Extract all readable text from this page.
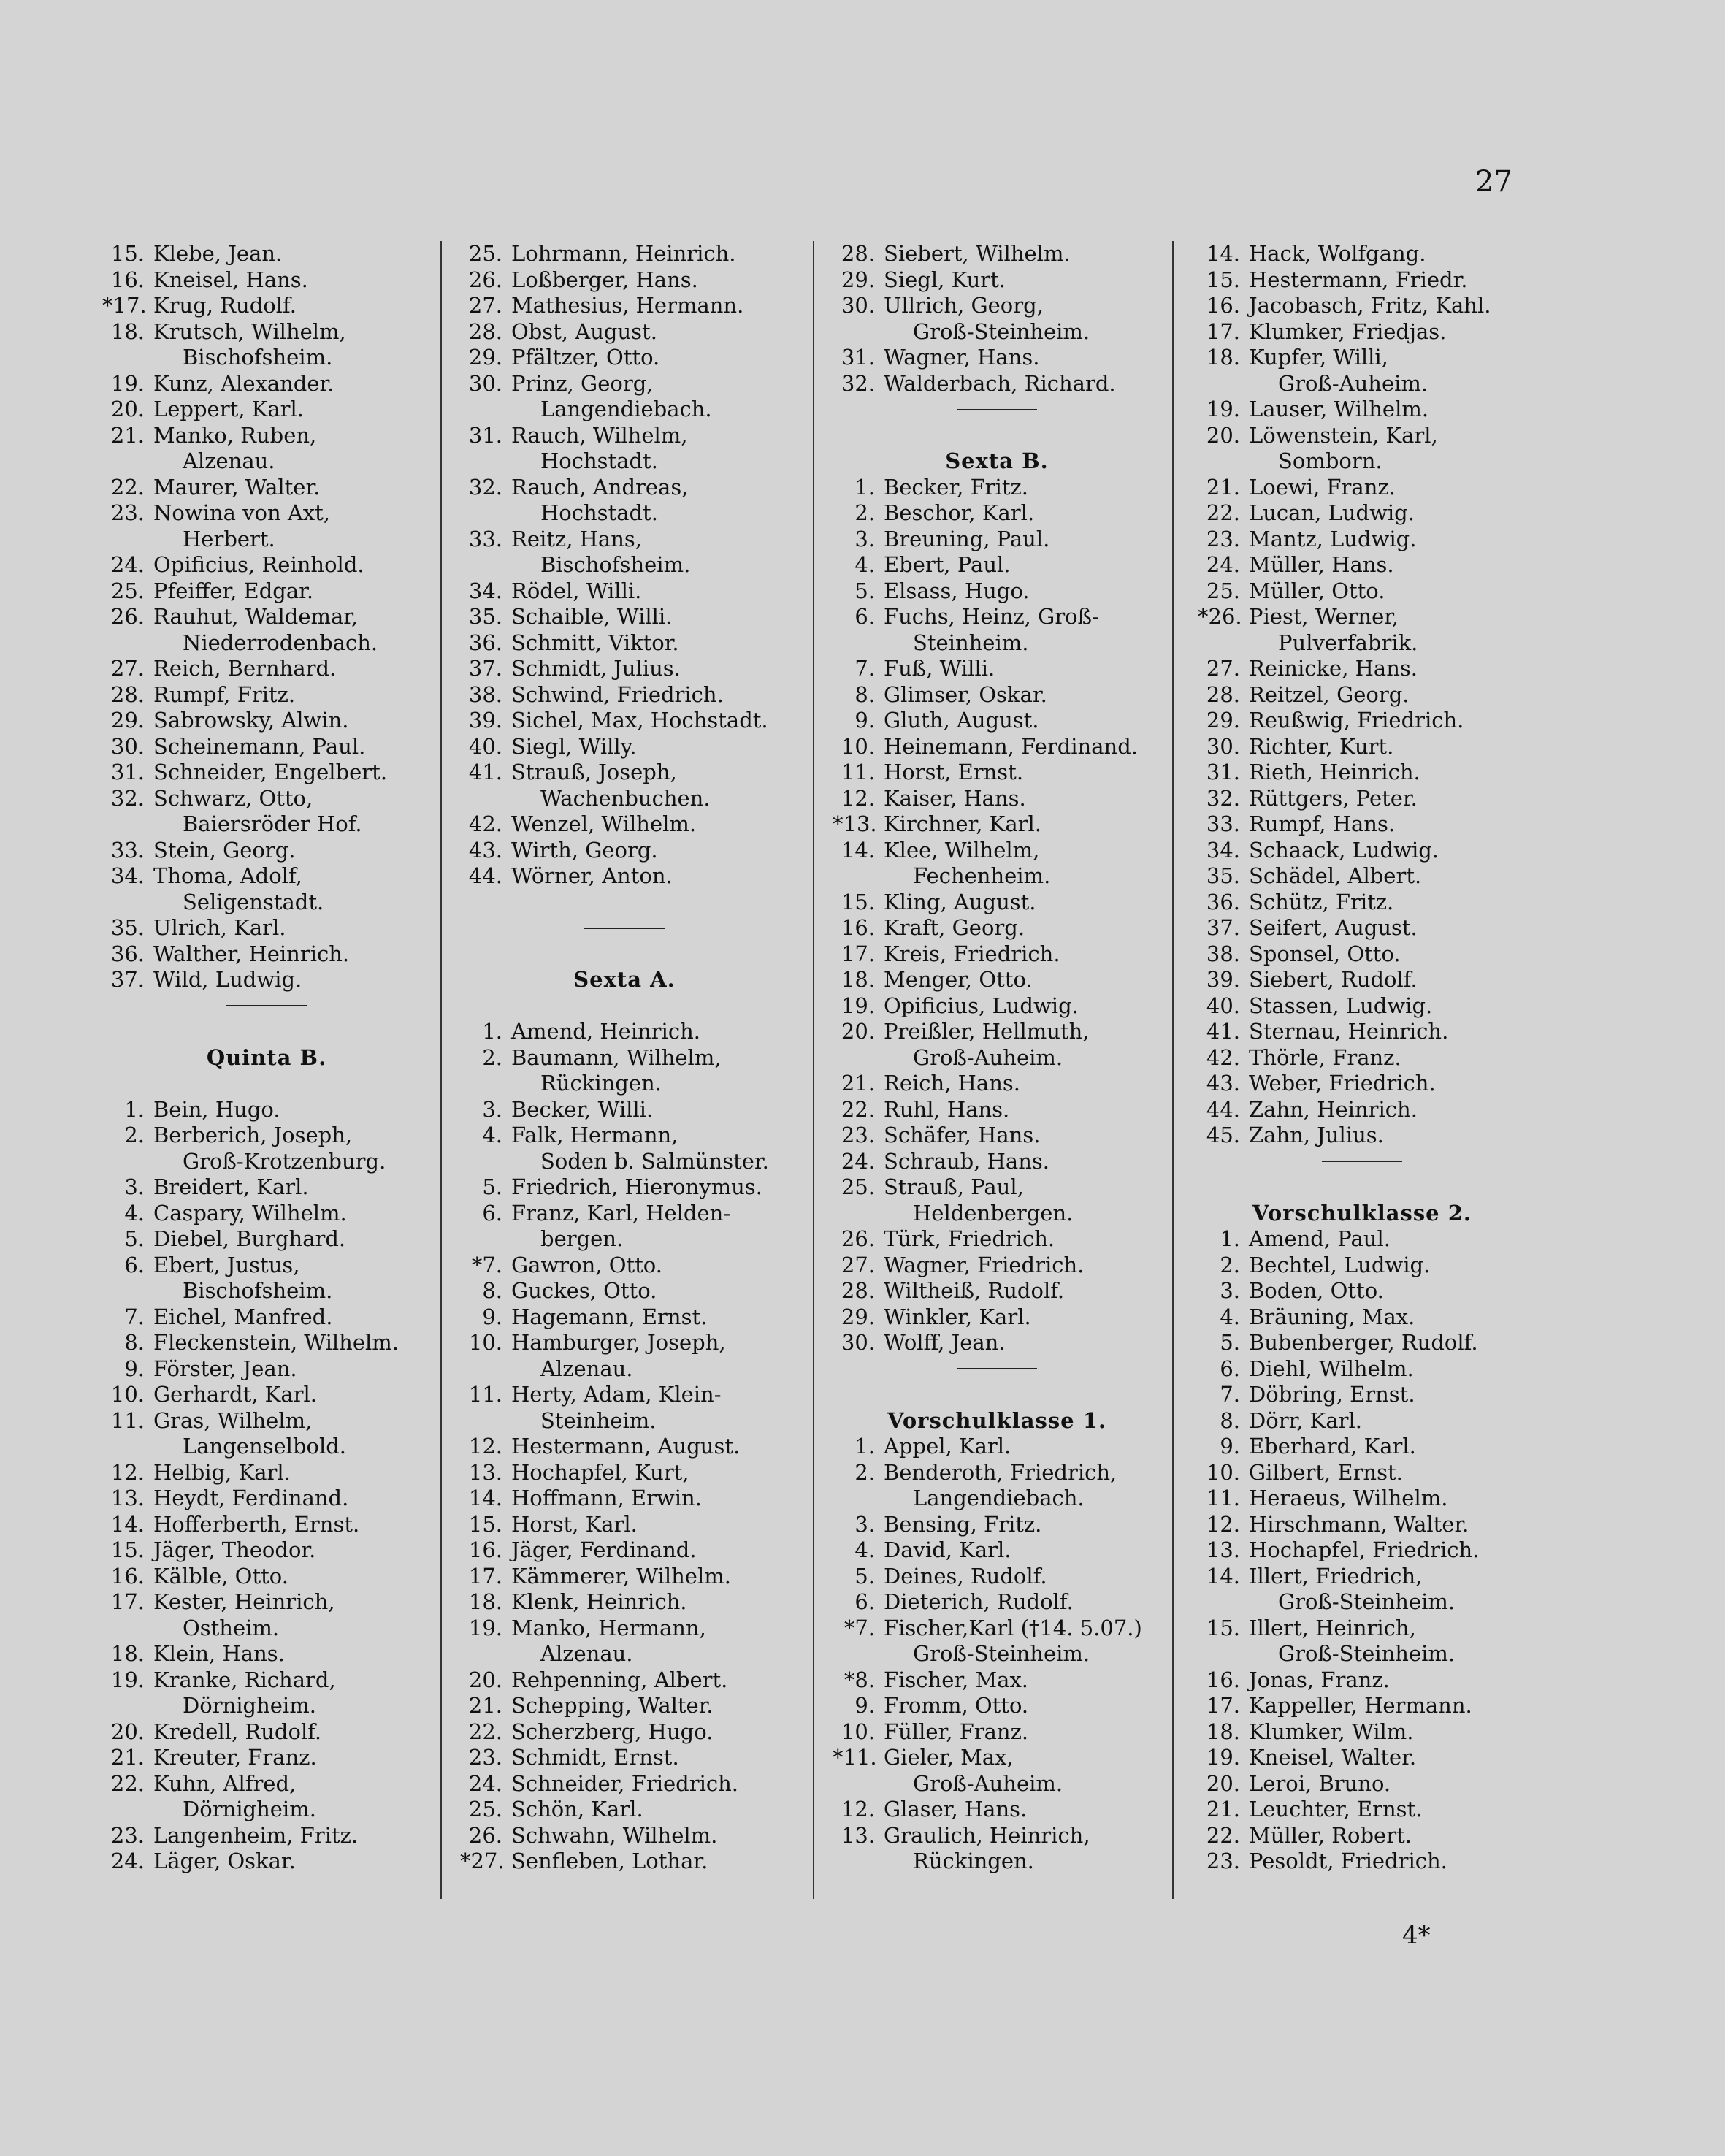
27
15. Klebe, Jean.
16. Kneisel, Hans.
*17. Krug, Rudolf.
18. Krutsch, Wilhelm,
Bischofsheim.
19. Kunz, Alexander.
20. Leppert, Karl.
21. Manko, Ruben,
Alzenau.
22. Maurer, Walter.
23. Nowina von Axt,
Herbert.
24. Opificius, Reinhold.
25. Pfeiffer, Edgar.
26. Rauhut, Waldemar,
Niederrodenbach.
27. Reich, Bernhard.
28. Rumpf, Fritz.
29. Sabrowsky, Alwin.
30. Scheinemann, Paul.
31. Schneider, Engelbert.
32. Schwarz, Otto,
Baiersröder Hof.
33. Stein, Georg.
34. Thoma, Adolf,
Seligenstadt.
35. Ulrich, Karl.
36. Walther, Heinrich.
37. Wild, Ludwig.
Quinta B.
1. Bein, Hugo.
2. Berberich, Joseph,
Groß-Krotzenburg.
3. Breidert, Karl.
4. Caspary, Wilhelm.
5. Diebel, Burghard.
6. Ebert, Justus,
Bischofsheim.
7. Eichel, Manfred.
8. Fleckenstein, Wilhelm.
9. Förster, Jean.
10. Gerhardt, Karl.
11. Gras, Wilhelm,
Langenselbold.
12. Helbig, Karl.
13. Heydt, Ferdinand.
14. Hofferberth, Ernst.
15. Jäger, Theodor.
16. Kälble, Otto.
17. Kester, Heinrich,
Ostheim.
18. Klein, Hans.
19. Kranke, Richard,
Dörnigheim.
20. Kredell, Rudolf.
21. Kreuter, Franz.
22. Kuhn, Alfred,
Dörnigheim.
23. Langenheim, Fritz.
24. Läger, Oskar.
25. Lohrmann, Heinrich.
26. Loßberger, Hans.
27. Mathesius, Hermann.
28. Obst, August.
29. Pfältzer, Otto.
30. Prinz, Georg,
Langendiebach.
31. Rauch, Wilhelm,
Hochstadt.
32. Rauch, Andreas,
Hochstadt.
33. Reitz, Hans,
Bischofsheim.
34. Rödel, Willi.
35. Schaible, Willi.
36. Schmitt, Viktor.
37. Schmidt, Julius.
38. Schwind, Friedrich.
39. Sichel, Max, Hochstadt.
40. Siegl, Willy.
41. Strauß, Joseph,
Wachenbuchen.
42. Wenzel, Wilhelm.
43. Wirth, Georg.
44. Wörner, Anton.
Sexta A.
1. Amend, Heinrich.
2. Baumann, Wilhelm,
Rückingen.
3. Becker, Willi.
4. Falk, Hermann,
Soden b. Salmünster.
5. Friedrich, Hieronymus.
6. Franz, Karl, Helden-
bergen.
*7. Gawron, Otto.
8. Guckes, Otto.
9. Hagemann, Ernst.
10. Hamburger, Joseph,
Alzenau.
11. Herty, Adam, Klein-
Steinheim.
12. Hestermann, August.
13. Hochapfel, Kurt,
14. Hoffmann, Erwin.
15. Horst, Karl.
16. Jäger, Ferdinand.
17. Kämmerer, Wilhelm.
18. Klenk, Heinrich.
19. Manko, Hermann,
Alzenau.
20. Rehpenning, Albert.
21. Schepping, Walter.
22. Scherzberg, Hugo.
23. Schmidt, Ernst.
24. Schneider, Friedrich.
25. Schön, Karl.
26. Schwahn, Wilhelm.
*27. Senfleben, Lothar.
28. Siebert, Wilhelm.
29. Siegl, Kurt.
30. Ullrich, Georg,
Groß-Steinheim.
31. Wagner, Hans.
32. Walderbach, Richard.
Sexta B.
1. Becker, Fritz.
2. Beschor, Karl.
3. Breuning, Paul.
4. Ebert, Paul.
5. Elsass, Hugo.
6. Fuchs, Heinz, Groß-
Steinheim.
7. Fuß, Willi.
8. Glimser, Oskar.
9. Gluth, August.
10. Heinemann, Ferdinand.
11. Horst, Ernst.
12. Kaiser, Hans.
*13. Kirchner, Karl.
14. Klee, Wilhelm,
Fechenheim.
15. Kling, August.
16. Kraft, Georg.
17. Kreis, Friedrich.
18. Menger, Otto.
19. Opificius, Ludwig.
20. Preißler, Hellmuth,
Groß-Auheim.
21. Reich, Hans.
22. Ruhl, Hans.
23. Schäfer, Hans.
24. Schraub, Hans.
25. Strauß, Paul,
Heldenbergen.
26. Türk, Friedrich.
27. Wagner, Friedrich.
28. Wiltheiß, Rudolf.
29. Winkler, Karl.
30. Wolff, Jean.
Vorschulklasse 1.
1. Appel, Karl.
2. Benderoth, Friedrich,
Langendiebach.
3. Bensing, Fritz.
4. David, Karl.
5. Deines, Rudolf.
6. Dieterich, Rudolf.
*7. Fischer,Karl (†14. 5.07.)
Groß-Steinheim.
*8. Fischer, Max.
9. Fromm, Otto.
10. Füller, Franz.
*11. Gieler, Max,
Groß-Auheim.
12. Glaser, Hans.
13. Graulich, Heinrich,
Rückingen.
14. Hack, Wolfgang.
15. Hestermann, Friedr.
16. Jacobasch, Fritz, Kahl.
17. Klumker, Friedjas.
18. Kupfer, Willi,
Groß-Auheim.
19. Lauser, Wilhelm.
20. Löwenstein, Karl,
Somborn.
21. Loewi, Franz.
22. Lucan, Ludwig.
23. Mantz, Ludwig.
24. Müller, Hans.
25. Müller, Otto.
*26. Piest, Werner,
Pulverfabrik.
27. Reinicke, Hans.
28. Reitzel, Georg.
29. Reußwig, Friedrich.
30. Richter, Kurt.
31. Rieth, Heinrich.
32. Rüttgers, Peter.
33. Rumpf, Hans.
34. Schaack, Ludwig.
35. Schädel, Albert.
36. Schütz, Fritz.
37. Seifert, August.
38. Sponsel, Otto.
39. Siebert, Rudolf.
40. Stassen, Ludwig.
41. Sternau, Heinrich.
42. Thörle, Franz.
43. Weber, Friedrich.
44. Zahn, Heinrich.
45. Zahn, Julius.
Vorschulklasse 2.
1. Amend, Paul.
2. Bechtel, Ludwig.
3. Boden, Otto.
4. Bräuning, Max.
5. Bubenberger, Rudolf.
6. Diehl, Wilhelm.
7. Döbring, Ernst.
8. Dörr, Karl.
9. Eberhard, Karl.
10. Gilbert, Ernst.
11. Heraeus, Wilhelm.
12. Hirschmann, Walter.
13. Hochapfel, Friedrich.
14. Illert, Friedrich,
Groß-Steinheim.
15. Illert, Heinrich,
Groß-Steinheim.
16. Jonas, Franz.
17. Kappeller, Hermann.
18. Klumker, Wilm.
19. Kneisel, Walter.
20. Leroi, Bruno.
21. Leuchter, Ernst.
22. Müller, Robert.
23. Pesoldt, Friedrich.
4*
